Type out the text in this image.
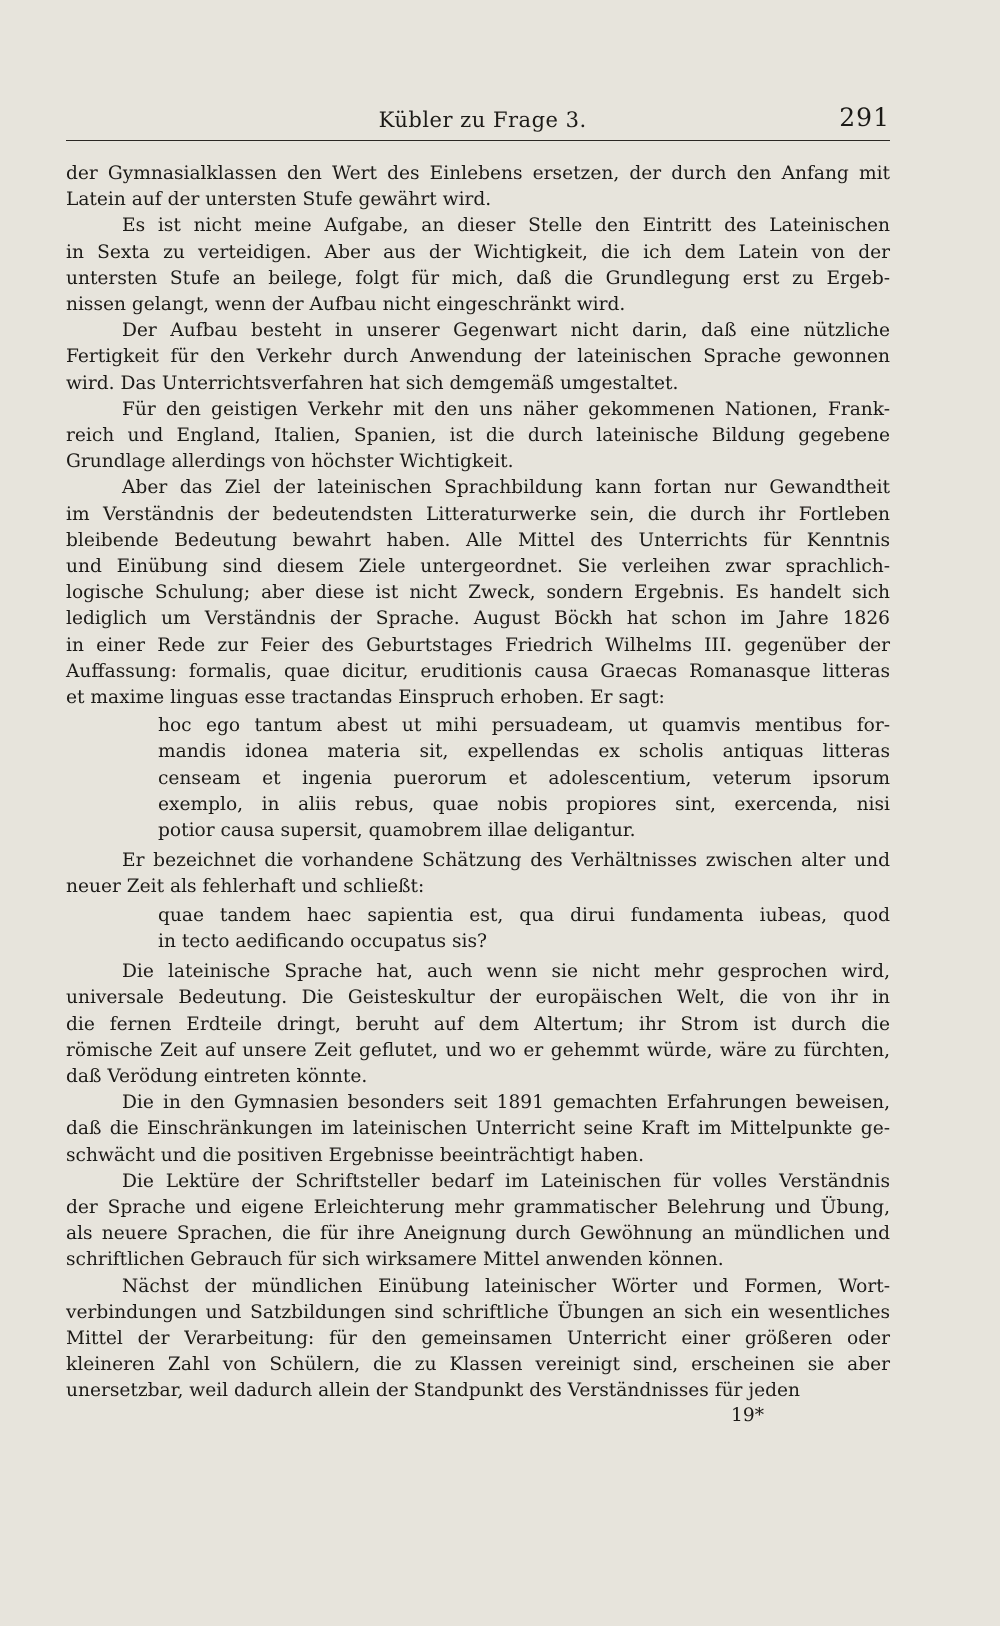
Kübler zu Frage 3.	291

der Gymnasialklassen den Wert des Einlebens ersetzen, der durch den Anfang mit
Latein auf der untersten Stufe gewährt wird.

Es ist nicht meine Aufgabe, an dieser Stelle den Eintritt des Lateinischen
in Sexta zu verteidigen. Aber aus der Wichtigkeit, die ich dem Latein von der
untersten Stufe an beilege, folgt für mich, daß die Grundlegung erst zu Ergeb-
nissen gelangt, wenn der Aufbau nicht eingeschränkt wird.

Der Aufbau besteht in unserer Gegenwart nicht darin, daß eine nützliche
Fertigkeit für den Verkehr durch Anwendung der lateinischen Sprache gewonnen
wird. Das Unterrichtsverfahren hat sich demgemäß umgestaltet.

Für den geistigen Verkehr mit den uns näher gekommenen Nationen, Frank-
reich und England, Italien, Spanien, ist die durch lateinische Bildung gegebene
Grundlage allerdings von höchster Wichtigkeit.

Aber das Ziel der lateinischen Sprachbildung kann fortan nur Gewandtheit
im Verständnis der bedeutendsten Litteraturwerke sein, die durch ihr Fortleben
bleibende Bedeutung bewahrt haben. Alle Mittel des Unterrichts für Kenntnis
und Einübung sind diesem Ziele untergeordnet. Sie verleihen zwar sprachlich-
logische Schulung; aber diese ist nicht Zweck, sondern Ergebnis. Es handelt sich
lediglich um Verständnis der Sprache. August Böckh hat schon im Jahre 1826
in einer Rede zur Feier des Geburtstages Friedrich Wilhelms III. gegenüber der
Auffassung: formalis, quae dicitur, eruditionis causa Graecas Romanasque litteras
et maxime linguas esse tractandas Einspruch erhoben. Er sagt:

hoc ego tantum abest ut mihi persuadeam, ut quamvis mentibus for-
mandis idonea materia sit, expellendas ex scholis antiquas litteras
censeam et ingenia puerorum et adolescentium, veterum ipsorum
exemplo, in aliis rebus, quae nobis propiores sint, exercenda, nisi
potior causa supersit, quamobrem illae deligantur.

Er bezeichnet die vorhandene Schätzung des Verhältnisses zwischen alter und
neuer Zeit als fehlerhaft und schließt:

quae tandem haec sapientia est, qua dirui fundamenta iubeas, quod
in tecto aedificando occupatus sis?

Die lateinische Sprache hat, auch wenn sie nicht mehr gesprochen wird,
universale Bedeutung. Die Geisteskultur der europäischen Welt, die von ihr in
die fernen Erdteile dringt, beruht auf dem Altertum; ihr Strom ist durch die
römische Zeit auf unsere Zeit geflutet, und wo er gehemmt würde, wäre zu fürchten,
daß Verödung eintreten könnte.

Die in den Gymnasien besonders seit 1891 gemachten Erfahrungen beweisen,
daß die Einschränkungen im lateinischen Unterricht seine Kraft im Mittelpunkte ge-
schwächt und die positiven Ergebnisse beeinträchtigt haben.

Die Lektüre der Schriftsteller bedarf im Lateinischen für volles Verständnis
der Sprache und eigene Erleichterung mehr grammatischer Belehrung und Übung,
als neuere Sprachen, die für ihre Aneignung durch Gewöhnung an mündlichen und
schriftlichen Gebrauch für sich wirksamere Mittel anwenden können.

Nächst der mündlichen Einübung lateinischer Wörter und Formen, Wort-
verbindungen und Satzbildungen sind schriftliche Übungen an sich ein wesentliches
Mittel der Verarbeitung: für den gemeinsamen Unterricht einer größeren oder
kleineren Zahl von Schülern, die zu Klassen vereinigt sind, erscheinen sie aber
unersetzbar, weil dadurch allein der Standpunkt des Verständnisses für jeden

19*
